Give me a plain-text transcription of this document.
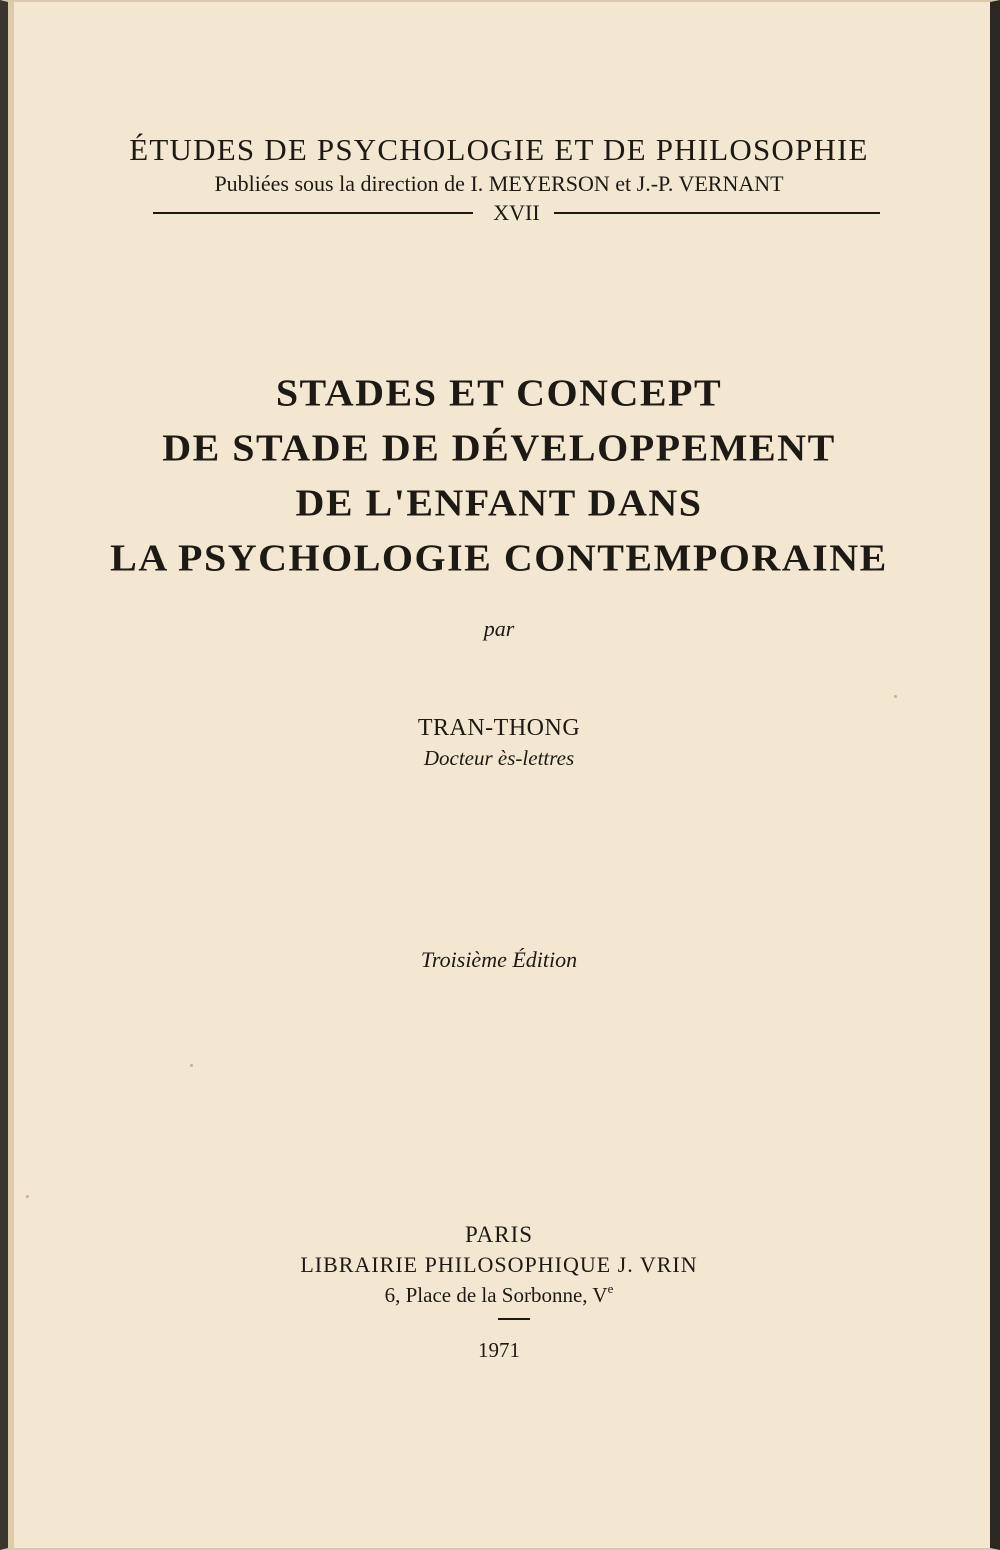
ÉTUDES DE PSYCHOLOGIE ET DE PHILOSOPHIE
Publiées sous la direction de I. MEYERSON et J.-P. VERNANT
XVII
STADES ET CONCEPT
DE STADE DE DÉVELOPPEMENT
DE L'ENFANT DANS
LA PSYCHOLOGIE CONTEMPORAINE
par
TRAN-THONG
Docteur ès-lettres
Troisième Édition
PARIS
LIBRAIRIE PHILOSOPHIQUE J. VRIN
6, Place de la Sorbonne, Ve
1971
